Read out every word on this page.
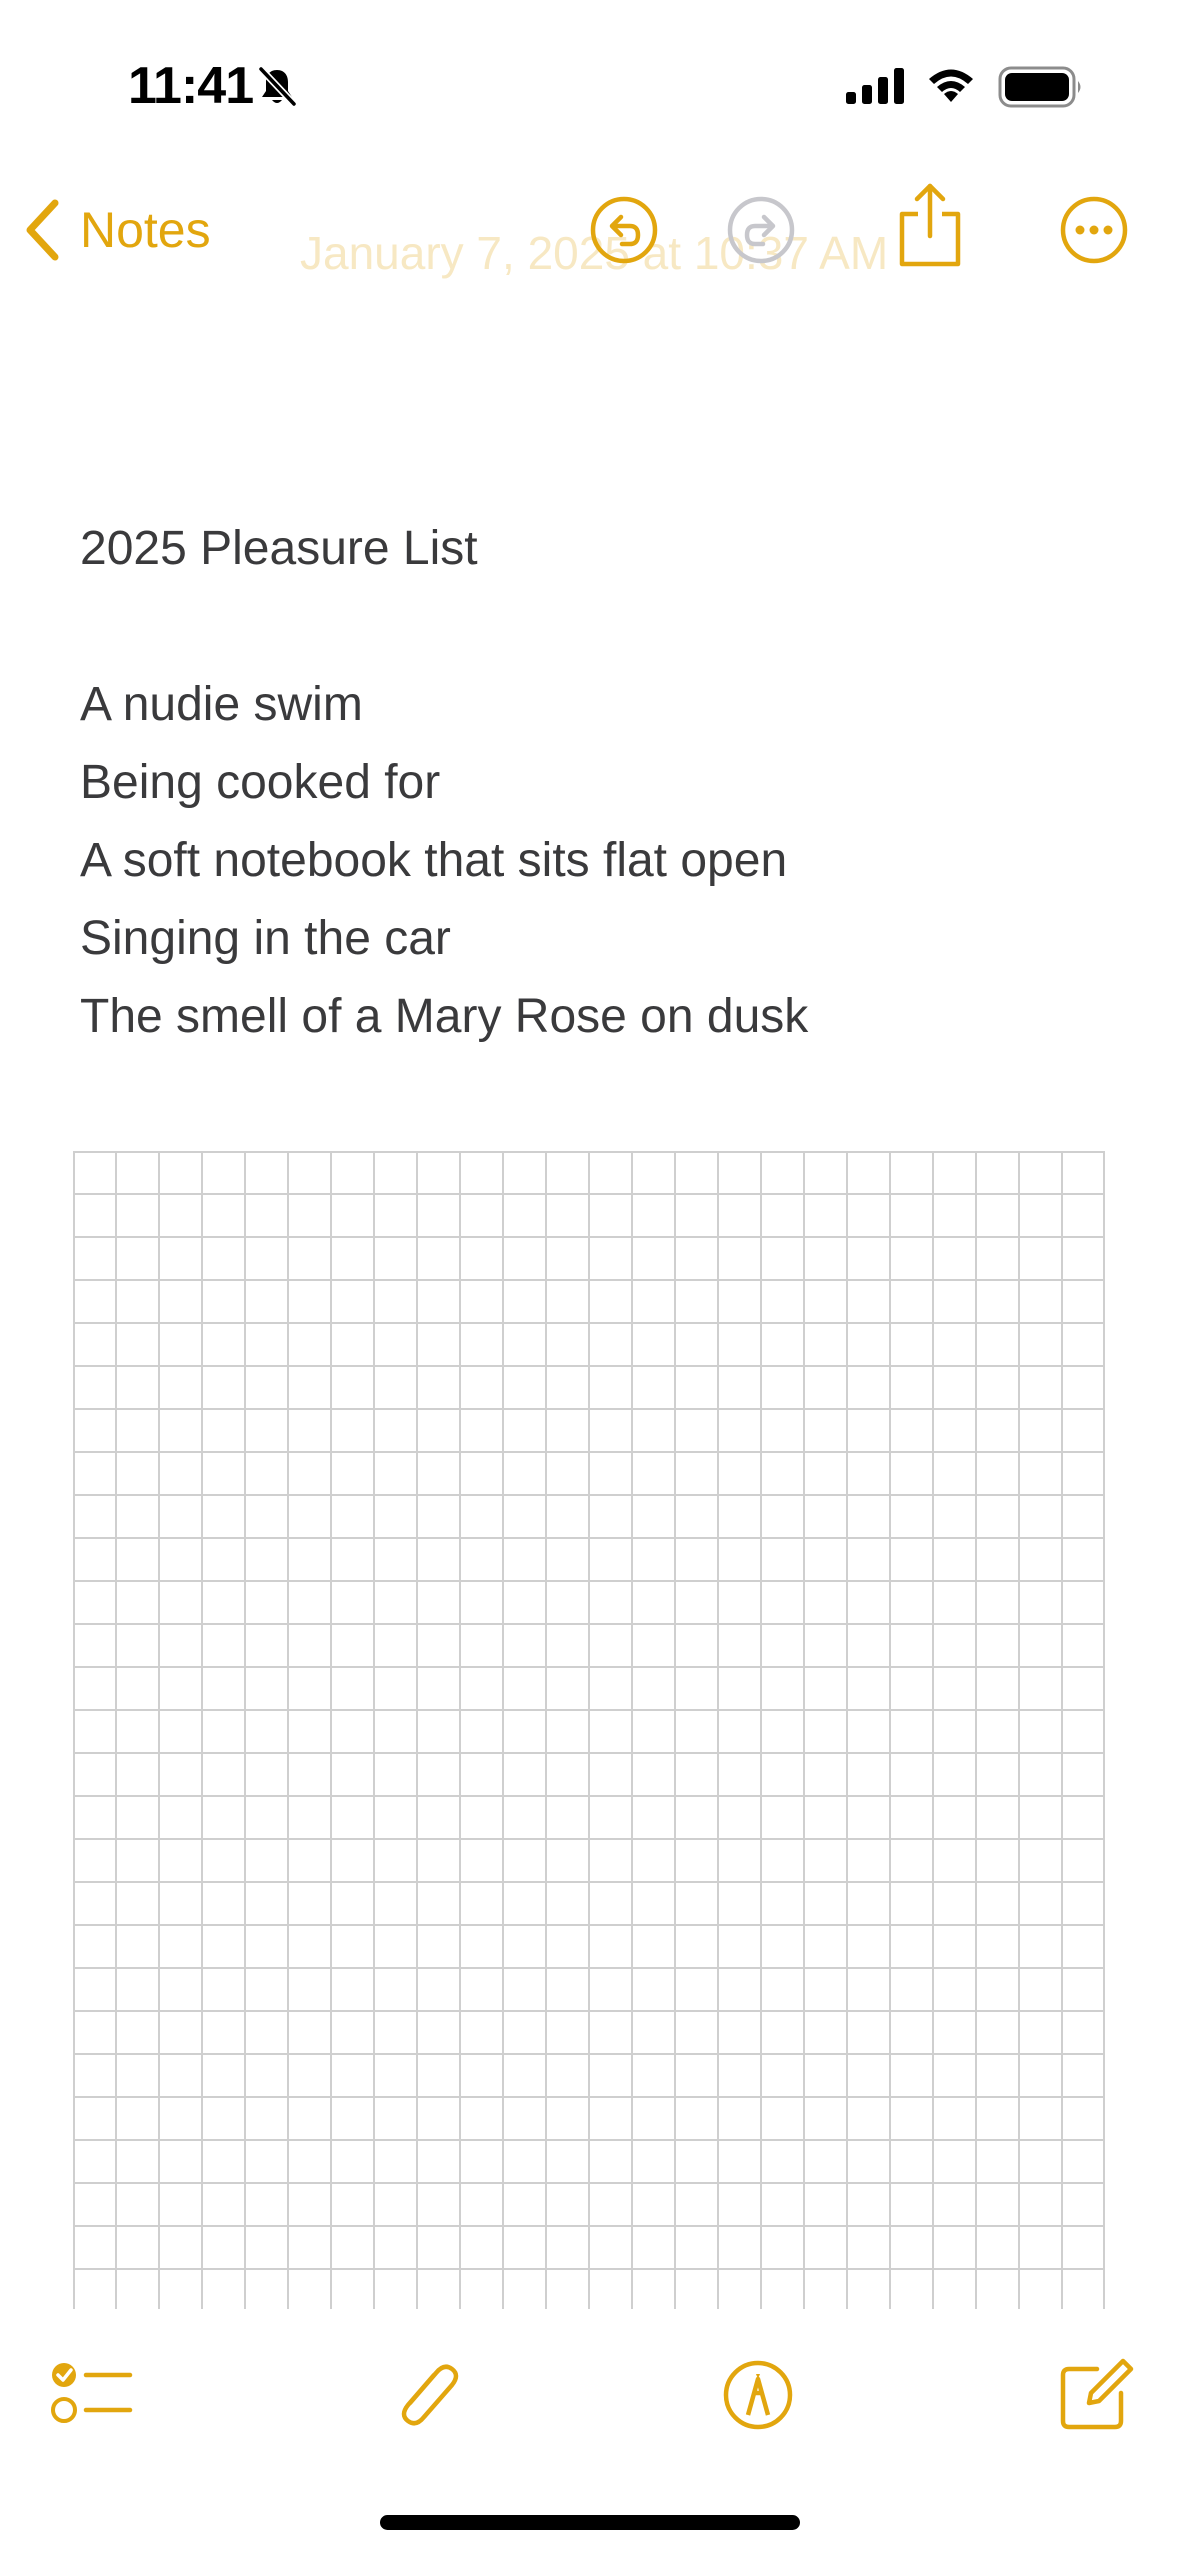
11:41
January 7, 2025 at 10:37 AM
Notes
2025 Pleasure List
A nudie swim
Being cooked for
A soft notebook that sits flat open
Singing in the car
The smell of a Mary Rose on dusk
